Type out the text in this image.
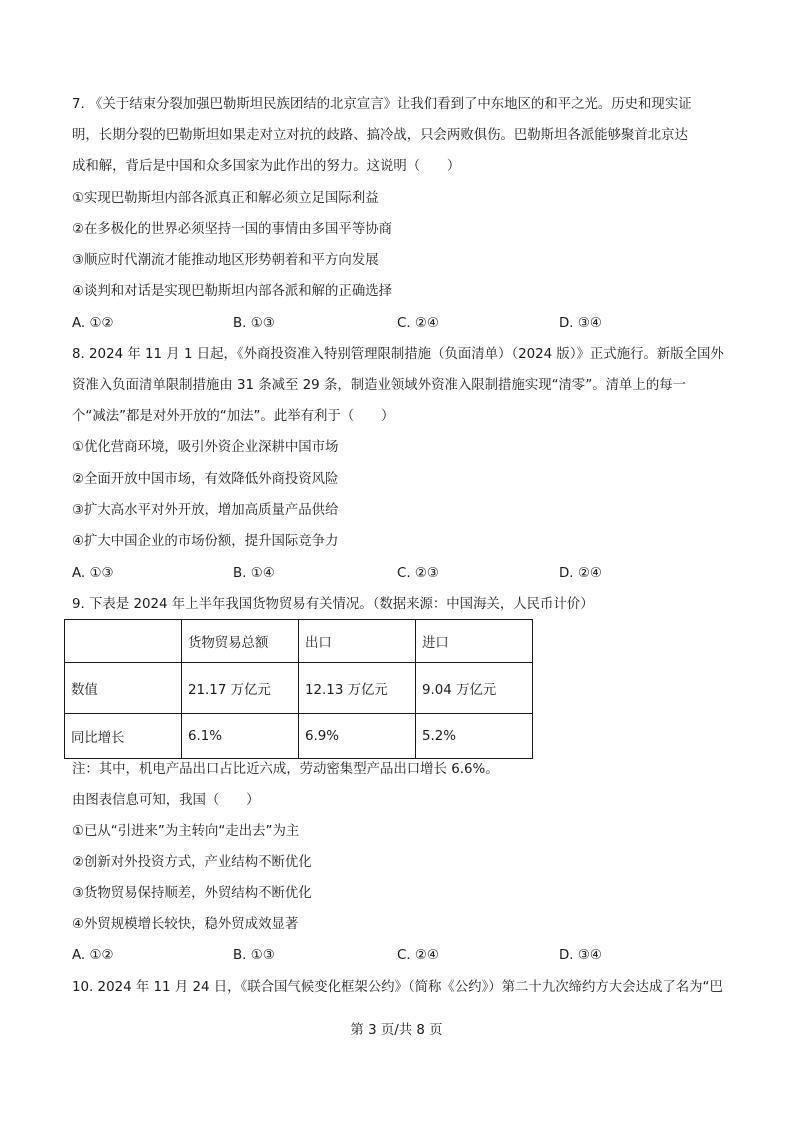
7. 《关于结束分裂加强巴勒斯坦民族团结的北京宣言》让我们看到了中东地区的和平之光。历史和现实证
明，长期分裂的巴勒斯坦如果走对立对抗的歧路、搞冷战，只会两败俱伤。巴勒斯坦各派能够聚首北京达
成和解，背后是中国和众多国家为此作出的努力。这说明（　　）
①实现巴勒斯坦内部各派真正和解必须立足国际利益
②在多极化的世界必须坚持一国的事情由多国平等协商
③顺应时代潮流才能推动地区形势朝着和平方向发展
④谈判和对话是实现巴勒斯坦内部各派和解的正确选择
A. ①②	B. ①③	C. ②④	D. ③④
8. 2024 年 11 月 1 日起，《外商投资准入特别管理限制措施（负面清单）（2024 版）》正式施行。新版全国外
资准入负面清单限制措施由 31 条减至 29 条，制造业领域外资准入限制措施实现“清零”。清单上的每一
个“减法”都是对外开放的“加法”。此举有利于（　　）
①优化营商环境，吸引外资企业深耕中国市场
②全面开放中国市场，有效降低外商投资风险
③扩大高水平对外开放，增加高质量产品供给
④扩大中国企业的市场份额，提升国际竞争力
A. ①③	B. ①④	C. ②③	D. ②④
9. 下表是 2024 年上半年我国货物贸易有关情况。（数据来源：中国海关，人民币计价）
	货物贸易总额	出口	进口
数值	21.17 万亿元	12.13 万亿元	9.04 万亿元
同比增长	6.1%	6.9%	5.2%
注：其中，机电产品出口占比近六成，劳动密集型产品出口增长 6.6%。
由图表信息可知，我国（　　）
①已从“引进来”为主转向“走出去”为主
②创新对外投资方式，产业结构不断优化
③货物贸易保持顺差，外贸结构不断优化
④外贸规模增长较快，稳外贸成效显著
A. ①②	B. ①③	C. ②④	D. ③④
10. 2024 年 11 月 24 日，《联合国气候变化框架公约》（简称《公约》）第二十九次缔约方大会达成了名为“巴
第 3 页/共 8 页
